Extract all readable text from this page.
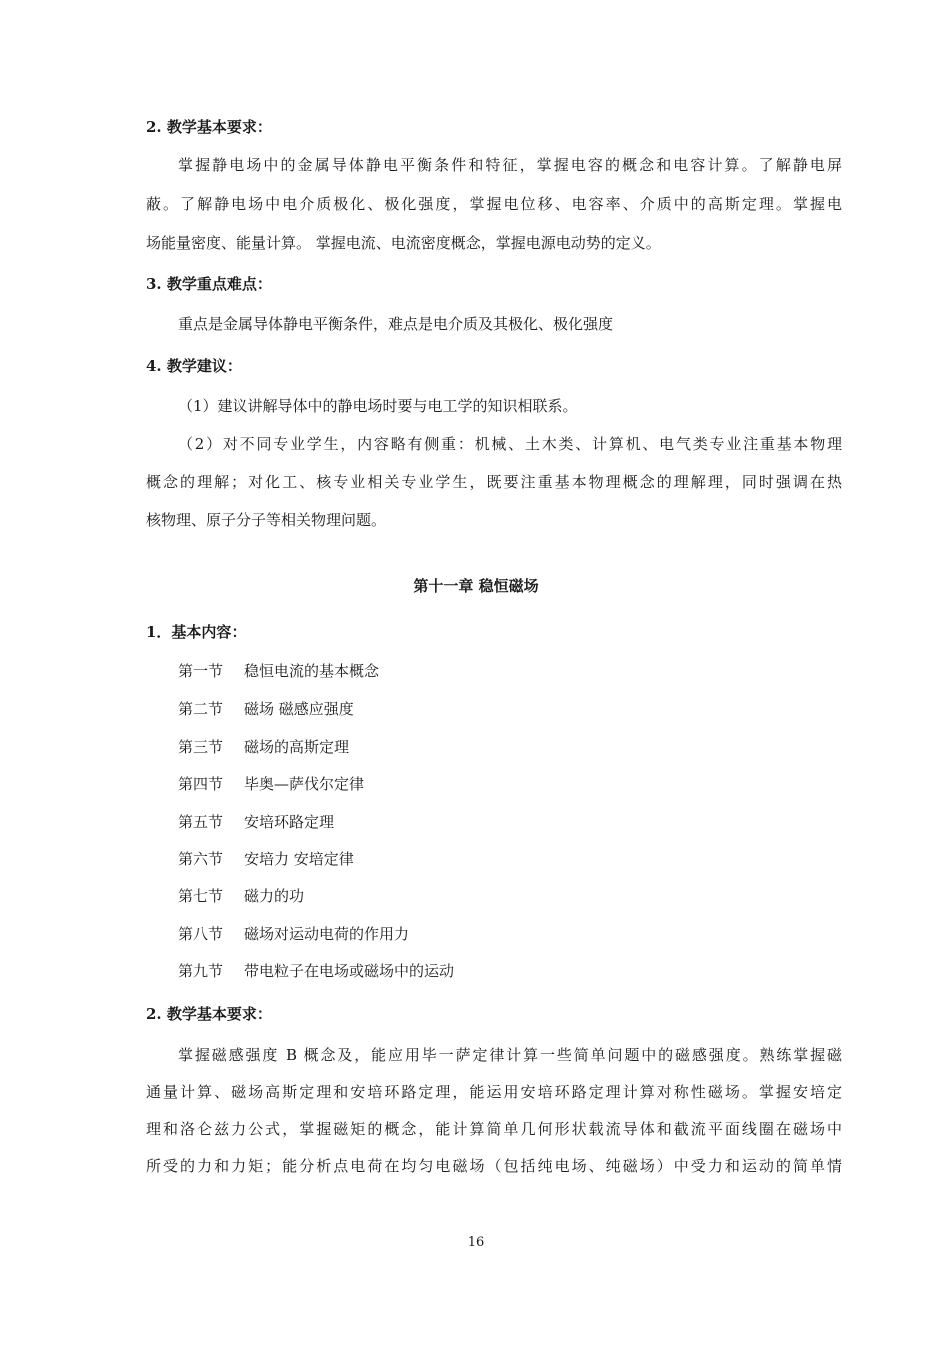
2. 教学基本要求：
掌握静电场中的金属导体静电平衡条件和特征，掌握电容的概念和电容计算。了解静电屏
蔽。了解静电场中电介质极化、极化强度，掌握电位移、电容率、介质中的高斯定理。掌握电
场能量密度、能量计算。 掌握电流、电流密度概念，掌握电源电动势的定义。
3. 教学重点难点：
重点是金属导体静电平衡条件，难点是电介质及其极化、极化强度
4. 教学建议：
（1）建议讲解导体中的静电场时要与电工学的知识相联系。
（2）对不同专业学生，内容略有侧重：机械、土木类、计算机、电气类专业注重基本物理
概念的理解；对化工、核专业相关专业学生，既要注重基本物理概念的理解理，同时强调在热
核物理、原子分子等相关物理问题。
第十一章 稳恒磁场
1．基本内容：
第一节 稳恒电流的基本概念
第二节 磁场 磁感应强度
第三节 磁场的高斯定理
第四节 毕奥—萨伐尔定律
第五节 安培环路定理
第六节 安培力 安培定律
第七节 磁力的功
第八节 磁场对运动电荷的作用力
第九节 带电粒子在电场或磁场中的运动
2. 教学基本要求：
掌握磁感强度 B 概念及，能应用毕一萨定律计算一些简单问题中的磁感强度。熟练掌握磁
通量计算、磁场高斯定理和安培环路定理，能运用安培环路定理计算对称性磁场。掌握安培定
理和洛仑兹力公式，掌握磁矩的概念，能计算简单几何形状载流导体和截流平面线圈在磁场中
所受的力和力矩；能分析点电荷在均匀电磁场（包括纯电场、纯磁场）中受力和运动的简单情
16
